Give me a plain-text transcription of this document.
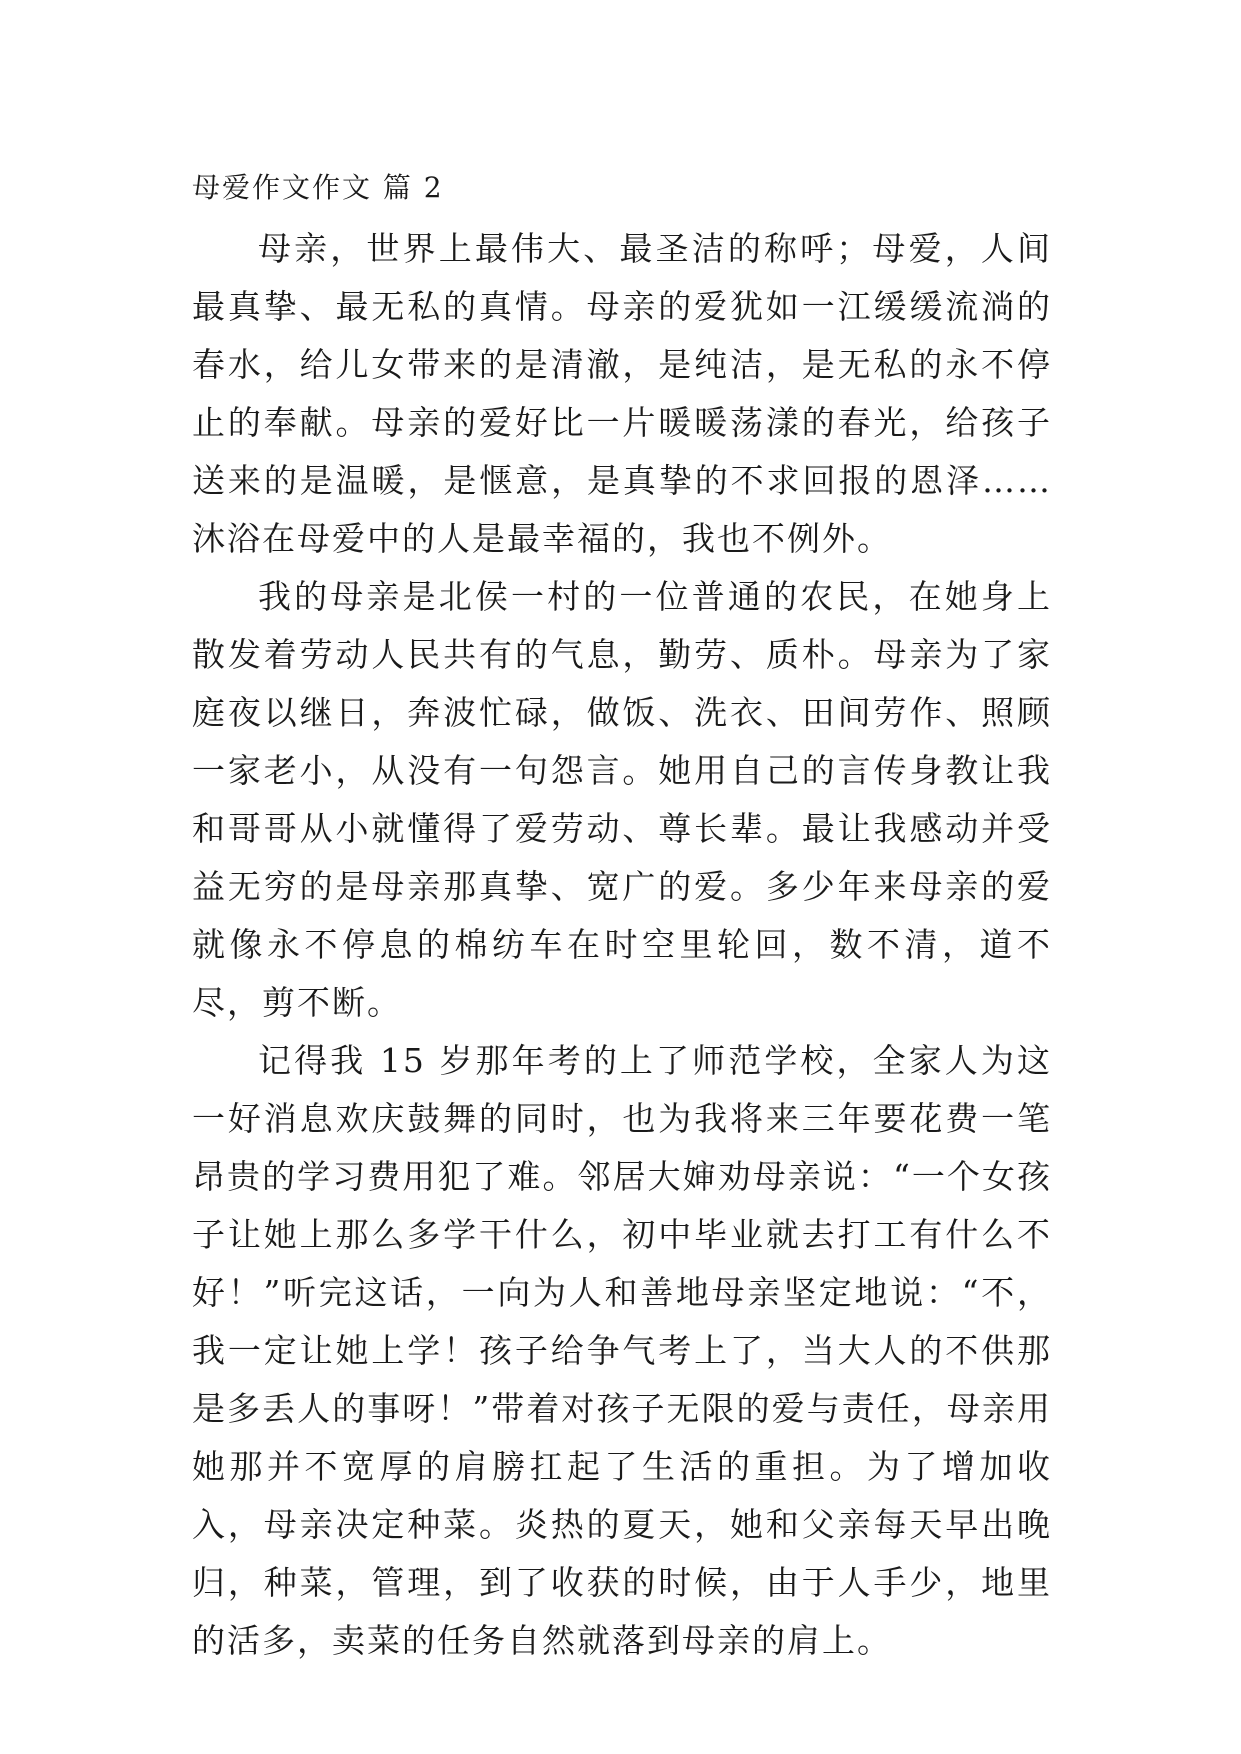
母爱作文作文 篇 2

母亲，世界上最伟大、最圣洁的称呼；母爱，人间最真挚、最无私的真情。母亲的爱犹如一江缓缓流淌的春水，给儿女带来的是清澈，是纯洁，是无私的永不停止的奉献。母亲的爱好比一片暖暖荡漾的春光，给孩子送来的是温暖，是惬意，是真挚的不求回报的恩泽……沐浴在母爱中的人是最幸福的，我也不例外。

我的母亲是北侯一村的一位普通的农民，在她身上散发着劳动人民共有的气息，勤劳、质朴。母亲为了家庭夜以继日，奔波忙碌，做饭、洗衣、田间劳作、照顾一家老小，从没有一句怨言。她用自己的言传身教让我和哥哥从小就懂得了爱劳动、尊长辈。最让我感动并受益无穷的是母亲那真挚、宽广的爱。多少年来母亲的爱就像永不停息的棉纺车在时空里轮回，数不清，道不尽，剪不断。

记得我 15 岁那年考的上了师范学校，全家人为这一好消息欢庆鼓舞的同时，也为我将来三年要花费一笔昂贵的学习费用犯了难。邻居大婶劝母亲说：“一个女孩子让她上那么多学干什么，初中毕业就去打工有什么不好！”听完这话，一向为人和善地母亲坚定地说：“不，我一定让她上学！孩子给争气考上了，当大人的不供那是多丢人的事呀！”带着对孩子无限的爱与责任，母亲用她那并不宽厚的肩膀扛起了生活的重担。为了增加收入，母亲决定种菜。炎热的夏天，她和父亲每天早出晚归，种菜，管理，到了收获的时候，由于人手少，地里的活多，卖菜的任务自然就落到母亲的肩上。
